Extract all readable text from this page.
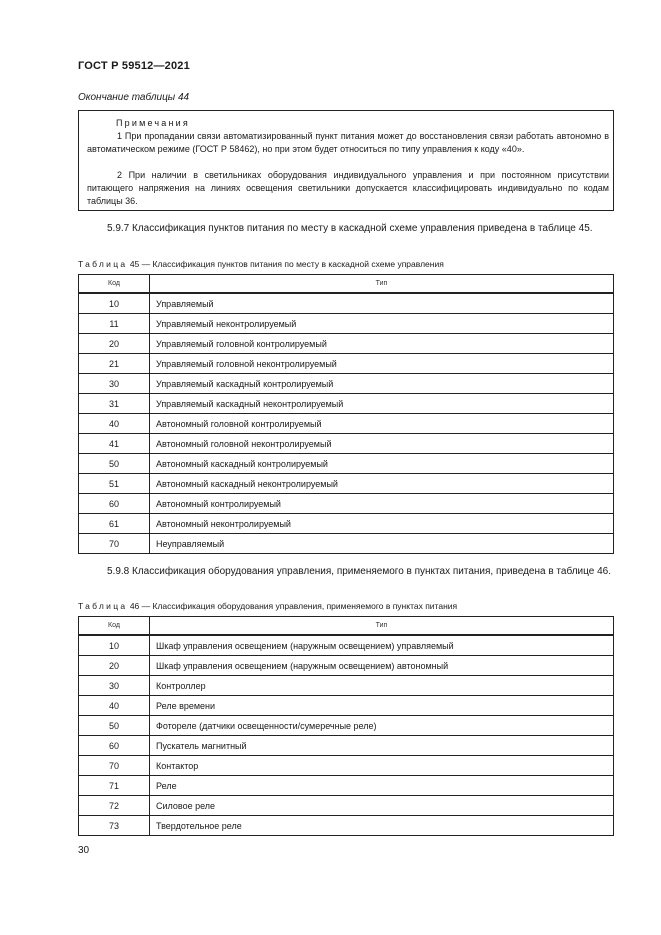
ГОСТ Р 59512—2021
Окончание таблицы 44
Примечания
1 При пропадании связи автоматизированный пункт питания может до восстановления связи работать автономно в автоматическом режиме (ГОСТ Р 58462), но при этом будет относиться по типу управления к коду «40».
2 При наличии в светильниках оборудования индивидуального управления и при постоянном присутствии питающего напряжения на линиях освещения светильники допускается классифицировать индивидуально по кодам таблицы 36.
5.9.7 Классификация пунктов питания по месту в каскадной схеме управления приведена в таблице 45.
Таблица 45 — Классификация пунктов питания по месту в каскадной схеме управления
Код	Тип
10	Управляемый
11	Управляемый неконтролируемый
20	Управляемый головной контролируемый
21	Управляемый головной неконтролируемый
30	Управляемый каскадный контролируемый
31	Управляемый каскадный неконтролируемый
40	Автономный головной контролируемый
41	Автономный головной неконтролируемый
50	Автономный каскадный контролируемый
51	Автономный каскадный неконтролируемый
60	Автономный контролируемый
61	Автономный неконтролируемый
70	Неуправляемый
5.9.8 Классификация оборудования управления, применяемого в пунктах питания, приведена в таблице 46.
Таблица 46 — Классификация оборудования управления, применяемого в пунктах питания
Код	Тип
10	Шкаф управления освещением (наружным освещением) управляемый
20	Шкаф управления освещением (наружным освещением) автономный
30	Контроллер
40	Реле времени
50	Фотореле (датчики освещенности/сумеречные реле)
60	Пускатель магнитный
70	Контактор
71	Реле
72	Силовое реле
73	Твердотельное реле
30
